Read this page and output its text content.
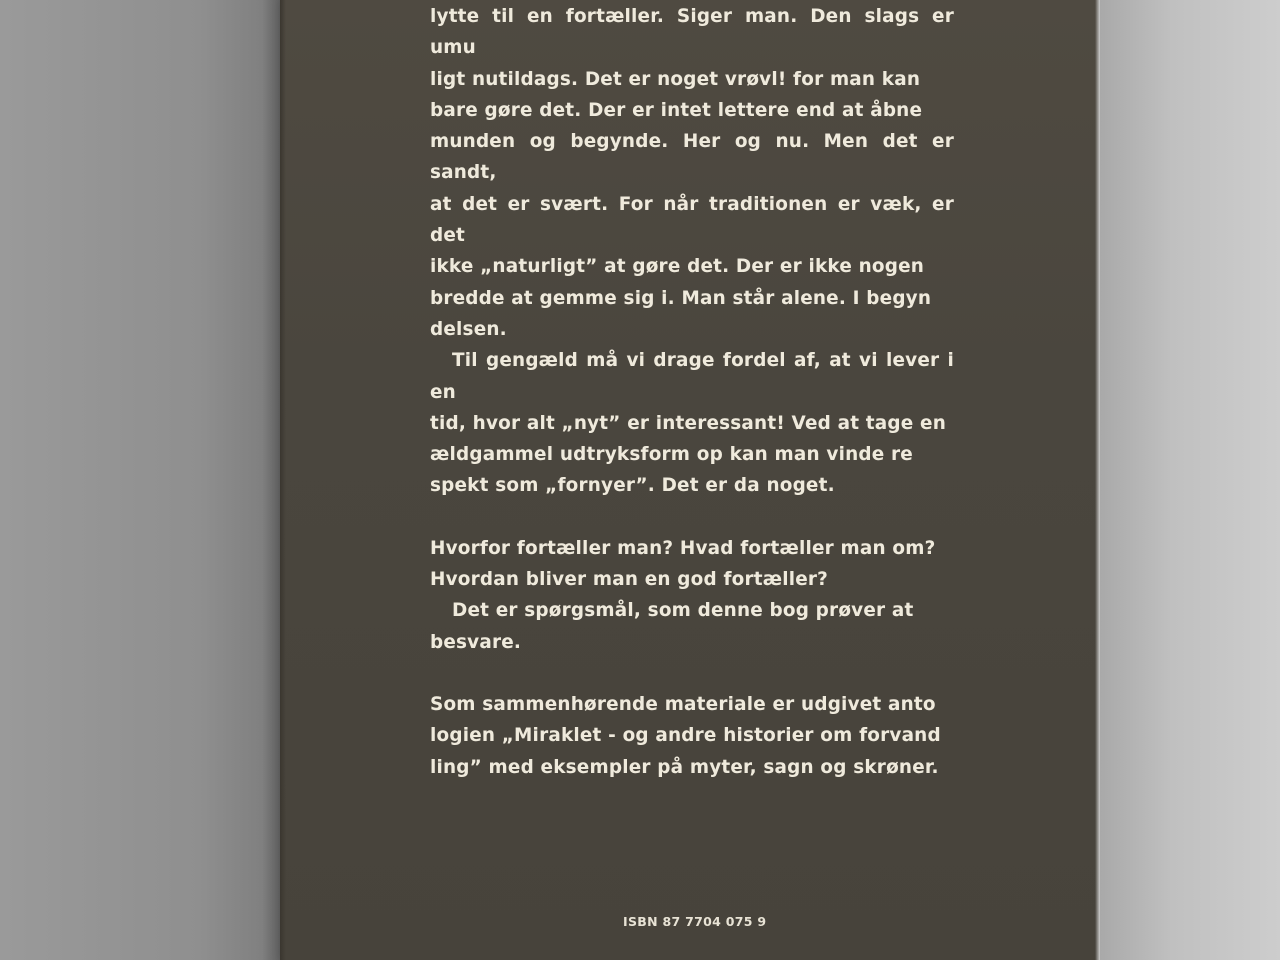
lytte til en fortæller. Siger man. Den slags er umu
ligt nutildags. Det er noget vrøvl! for man kan
bare gøre det. Der er intet lettere end at åbne
munden og begynde. Her og nu. Men det er sandt,
at det er svært. For når traditionen er væk, er det
ikke „naturligt” at gøre det. Der er ikke nogen
bredde at gemme sig i. Man står alene. I begyn
delsen.

Til gengæld må vi drage fordel af, at vi lever i en
tid, hvor alt „nyt” er interessant! Ved at tage en
ældgammel udtryksform op kan man vinde re
spekt som „fornyer”. Det er da noget.

Hvorfor fortæller man? Hvad fortæller man om?
Hvordan bliver man en god fortæller?

Det er spørgsmål, som denne bog prøver at
besvare.

Som sammenhørende materiale er udgivet anto
logien „Miraklet - og andre historier om forvand
ling” med eksempler på myter, sagn og skrøner.

ISBN 87 7704 075 9
